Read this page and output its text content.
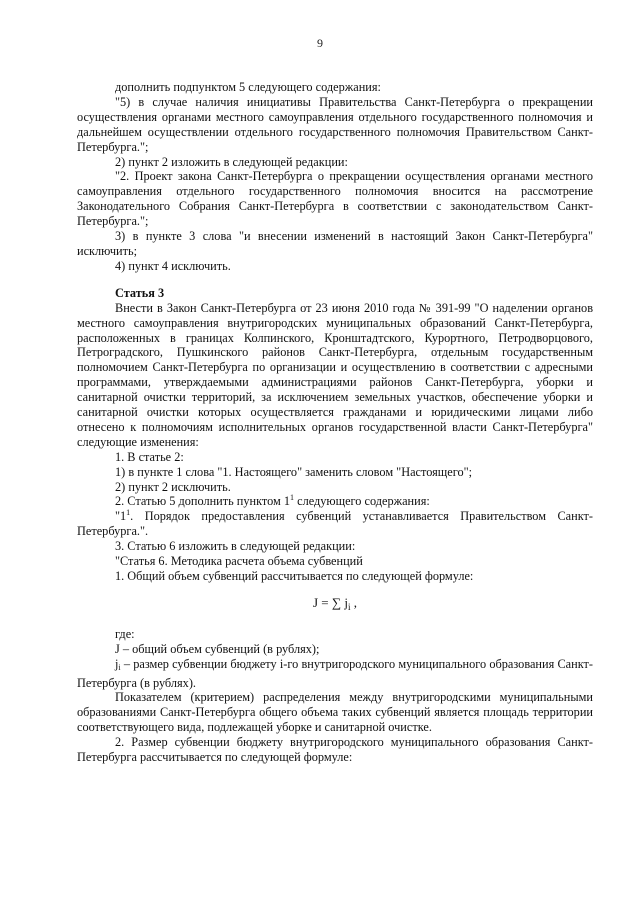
9

дополнить подпунктом 5 следующего содержания:

"5) в случае наличия инициативы Правительства Санкт-Петербурга о прекращении осуществления органами местного самоуправления отдельного государственного полномочия и дальнейшем осуществлении отдельного государственного полномочия Правительством Санкт-Петербурга.";

2) пункт 2 изложить в следующей редакции:

"2. Проект закона Санкт-Петербурга о прекращении осуществления органами местного самоуправления отдельного государственного полномочия вносится на рассмотрение Законодательного Собрания Санкт-Петербурга в соответствии с законодательством Санкт-Петербурга.";

3) в пункте 3 слова "и внесении изменений в настоящий Закон Санкт-Петербурга" исключить;

4) пункт 4 исключить.

Статья 3

Внести в Закон Санкт-Петербурга от 23 июня 2010 года № 391-99 "О наделении органов местного самоуправления внутригородских муниципальных образований Санкт-Петербурга, расположенных в границах Колпинского, Кронштадтского, Курортного, Петродворцового, Петроградского, Пушкинского районов Санкт-Петербурга, отдельным государственным полномочием Санкт-Петербурга по организации и осуществлению в соответствии с адресными программами, утверждаемыми администрациями районов Санкт-Петербурга, уборки и санитарной очистки территорий, за исключением земельных участков, обеспечение уборки и санитарной очистки которых осуществляется гражданами и юридическими лицами либо отнесено к полномочиям исполнительных органов государственной власти Санкт-Петербурга" следующие изменения:

1. В статье 2:

1) в пункте 1 слова "1. Настоящего" заменить словом "Настоящего";

2) пункт 2 исключить.

2. Статью 5 дополнить пунктом $1^1$ следующего содержания:

"$1^1$. Порядок предоставления субвенций устанавливается Правительством Санкт-Петербурга.".

3. Статью 6 изложить в следующей редакции:

"Статья 6. Методика расчета объема субвенций

1. Общий объем субвенций рассчитывается по следующей формуле:

J = ∑ $j_i$ ,

где:

J – общий объем субвенций (в рублях);

ji – размер субвенции бюджету i-го внутригородского муниципального образования Санкт-Петербурга (в рублях).

Показателем (критерием) распределения между внутригородскими муниципальными образованиями Санкт-Петербурга общего объема таких субвенций является площадь территории соответствующего вида, подлежащей уборке и санитарной очистке.

2. Размер субвенции бюджету внутригородского муниципального образования Санкт-Петербурга рассчитывается по следующей формуле:
